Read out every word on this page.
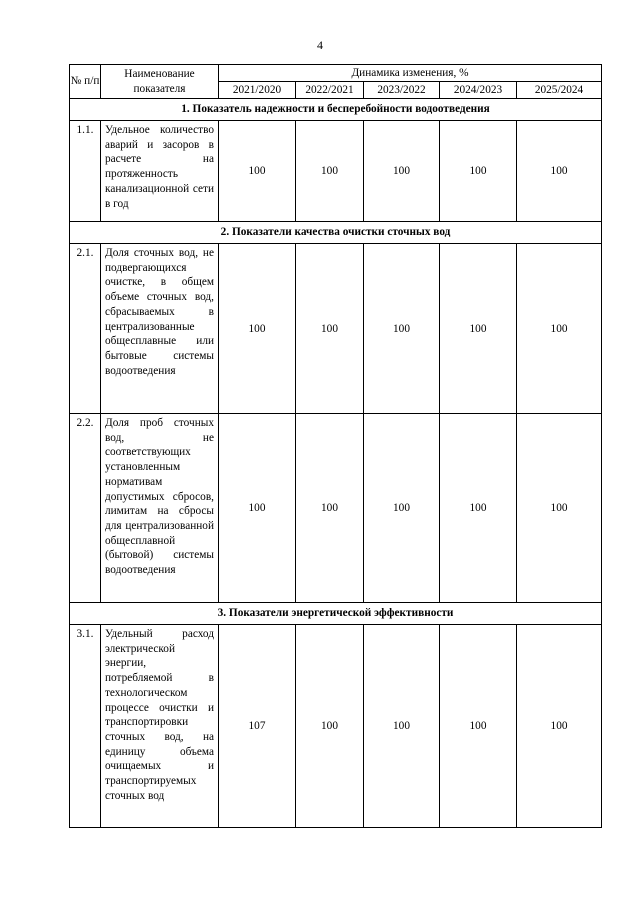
4
№ п/п	Наименование показателя	Динамика изменения, %				
		2021/2020	2022/2021	2023/2022	2024/2023	2025/2024
1. Показатель надежности и бесперебойности водоотведения						
1.1.	Удельное количество аварий и засоров в расчете на протяженность канализационной сети в год	100	100	100	100	100
2. Показатели качества очистки сточных вод						
2.1.	Доля сточных вод, не подвергающихся очистке, в общем объеме сточных вод, сбрасываемых в централизованные общесплавные или бытовые системы водоотведения	100	100	100	100	100
2.2.	Доля проб сточных вод, не соответствующих установленным нормативам допустимых сбросов, лимитам на сбросы для централизованной общесплавной (бытовой) системы водоотведения	100	100	100	100	100
3. Показатели энергетической эффективности						
3.1.	Удельный расход электрической энергии, потребляемой в технологическом процессе очистки и транспортировки сточных вод, на единицу объема очищаемых и транспортируемых сточных вод	107	100	100	100	100
